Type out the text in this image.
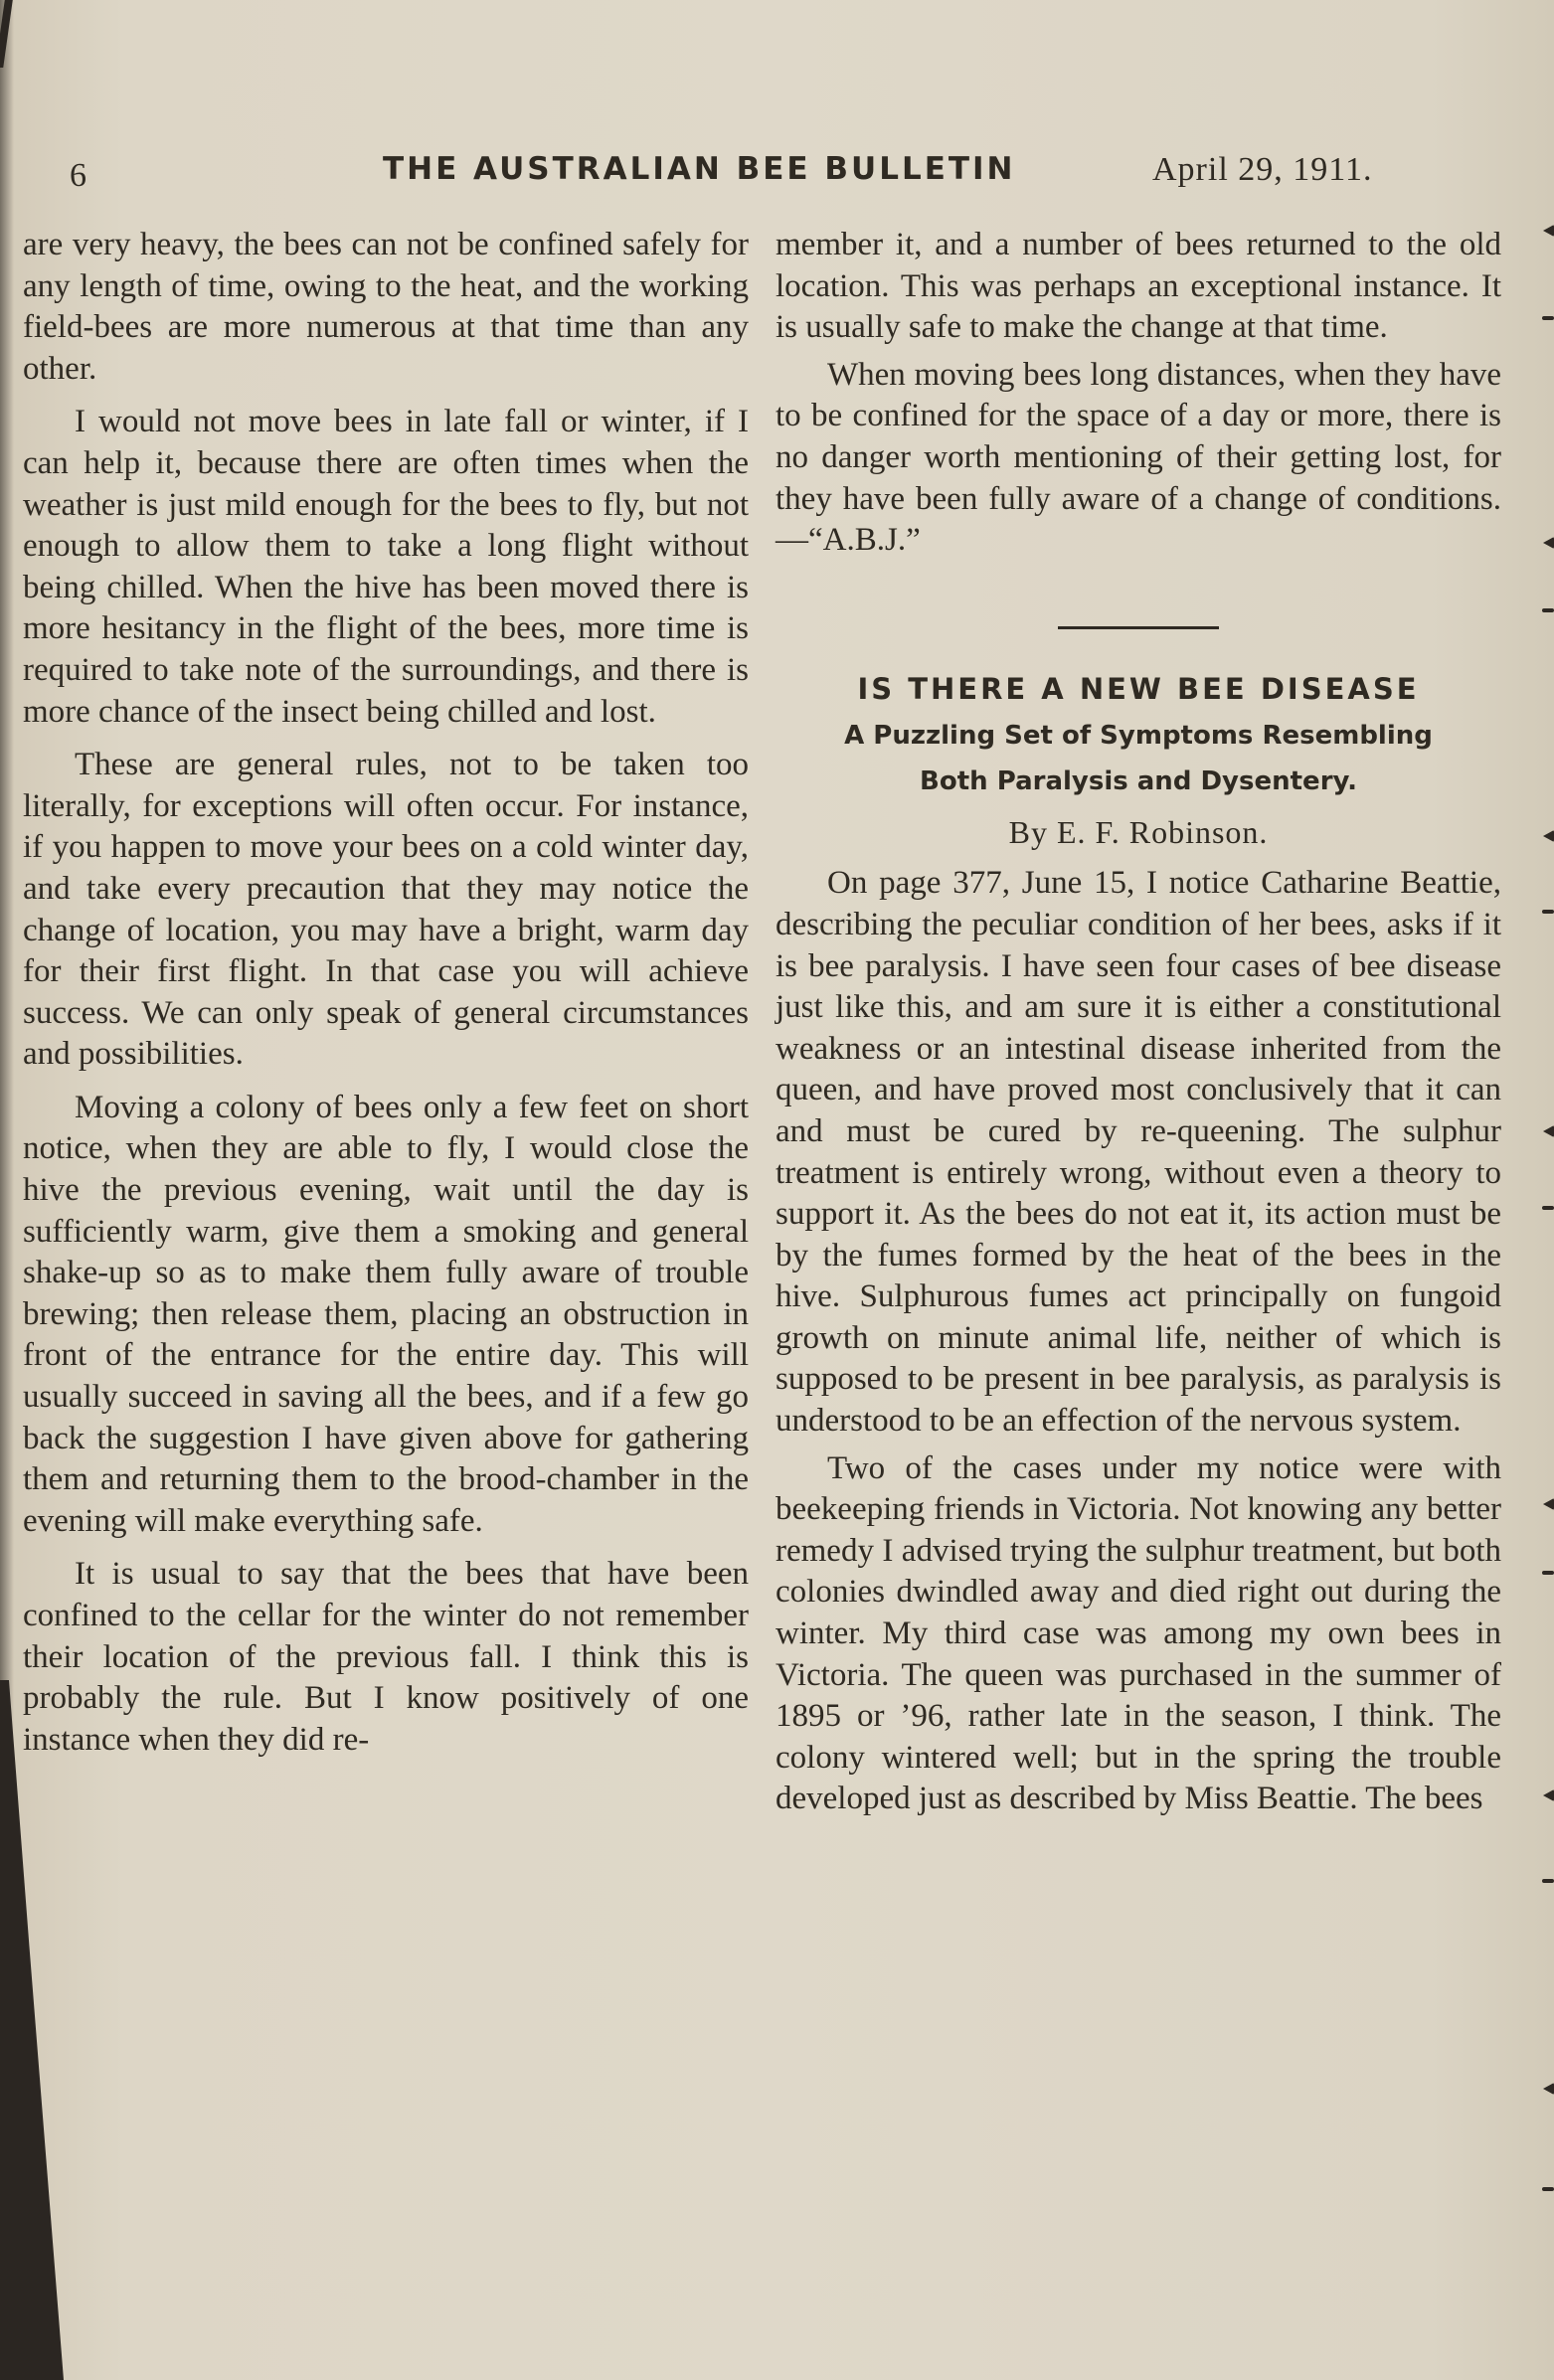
6	THE AUSTRALIAN BEE BULLETIN	April 29, 1911.

are very heavy, the bees can not be confined safely for any length of time, owing to the heat, and the working field-bees are more numerous at that time than any other.

I would not move bees in late fall or winter, if I can help it, because there are often times when the weather is just mild enough for the bees to fly, but not enough to allow them to take a long flight without being chilled. When the hive has been moved there is more hesitancy in the flight of the bees, more time is required to take note of the surroundings, and there is more chance of the insect being chilled and lost.

These are general rules, not to be taken too literally, for exceptions will often occur. For instance, if you happen to move your bees on a cold winter day, and take every precaution that they may notice the change of location, you may have a bright, warm day for their first flight. In that case you will achieve success. We can only speak of general circumstances and possibilities.

Moving a colony of bees only a few feet on short notice, when they are able to fly, I would close the hive the previous evening, wait until the day is sufficiently warm, give them a smoking and general shake-up so as to make them fully aware of trouble brewing; then release them, placing an obstruction in front of the entrance for the entire day. This will usually succeed in saving all the bees, and if a few go back the suggestion I have given above for gathering them and returning them to the brood-chamber in the evening will make everything safe.

It is usual to say that the bees that have been confined to the cellar for the winter do not remember their location of the previous fall. I think this is probably the rule. But I know positively of one instance when they did re-

member it, and a number of bees returned to the old location. This was perhaps an exceptional instance. It is usually safe to make the change at that time.

When moving bees long distances, when they have to be confined for the space of a day or more, there is no danger worth mentioning of their getting lost, for they have been fully aware of a change of conditions.—“A.B.J.”

IS THERE A NEW BEE DISEASE

A Puzzling Set of Symptoms Resembling

Both Paralysis and Dysentery.

By E. F. Robinson.

On page 377, June 15, I notice Catharine Beattie, describing the peculiar condition of her bees, asks if it is bee paralysis. I have seen four cases of bee disease just like this, and am sure it is either a constitutional weakness or an intestinal disease inherited from the queen, and have proved most conclusively that it can and must be cured by re-queening. The sulphur treatment is entirely wrong, without even a theory to support it. As the bees do not eat it, its action must be by the fumes formed by the heat of the bees in the hive. Sulphurous fumes act principally on fungoid growth on minute animal life, neither of which is supposed to be present in bee paralysis, as paralysis is understood to be an effection of the nervous system.

Two of the cases under my notice were with beekeeping friends in Victoria. Not knowing any better remedy I advised trying the sulphur treatment, but both colonies dwindled away and died right out during the winter. My third case was among my own bees in Victoria. The queen was purchased in the summer of 1895 or ’96, rather late in the season, I think. The colony wintered well; but in the spring the trouble developed just as described by Miss Beattie. The bees
